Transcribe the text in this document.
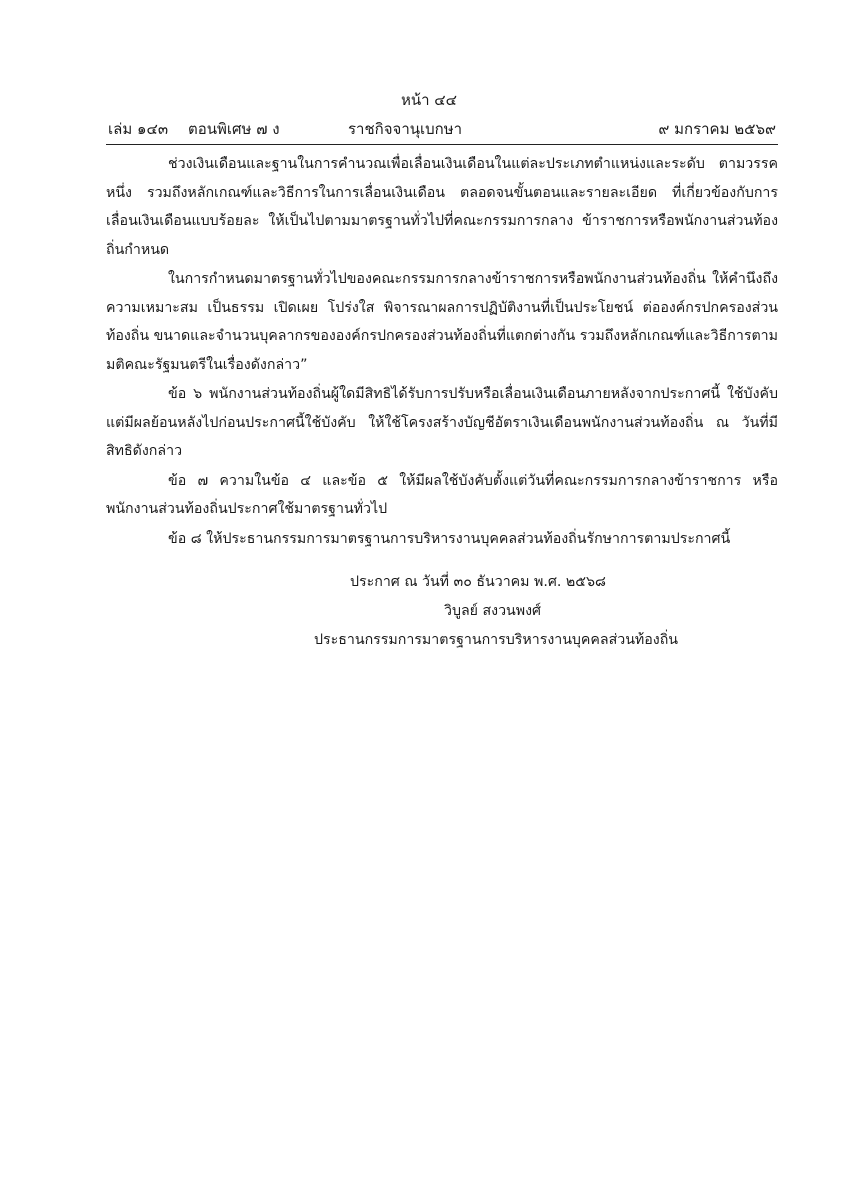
หน้า ๔๔
เล่ม ๑๔๓ ตอนพิเศษ ๗ ง	ราชกิจจานุเบกษา	๙ มกราคม ๒๕๖๙

ช่วงเงินเดือนและฐานในการคำนวณเพื่อเลื่อนเงินเดือนในแต่ละประเภทตำแหน่งและระดับ ตามวรรคหนึ่ง รวมถึงหลักเกณฑ์และวิธีการในการเลื่อนเงินเดือน ตลอดจนขั้นตอนและรายละเอียด ที่เกี่ยวข้องกับการเลื่อนเงินเดือนแบบร้อยละ ให้เป็นไปตามมาตรฐานทั่วไปที่คณะกรรมการกลาง ข้าราชการหรือพนักงานส่วนท้องถิ่นกำหนด

ในการกำหนดมาตรฐานทั่วไปของคณะกรรมการกลางข้าราชการหรือพนักงานส่วนท้องถิ่น ให้คำนึงถึงความเหมาะสม เป็นธรรม เปิดเผย โปร่งใส พิจารณาผลการปฏิบัติงานที่เป็นประโยชน์ ต่อองค์กรปกครองส่วนท้องถิ่น ขนาดและจำนวนบุคลากรขององค์กรปกครองส่วนท้องถิ่นที่แตกต่างกัน รวมถึงหลักเกณฑ์และวิธีการตามมติคณะรัฐมนตรีในเรื่องดังกล่าว”

ข้อ ๖ พนักงานส่วนท้องถิ่นผู้ใดมีสิทธิได้รับการปรับหรือเลื่อนเงินเดือนภายหลังจากประกาศนี้ ใช้บังคับ แต่มีผลย้อนหลังไปก่อนประกาศนี้ใช้บังคับ ให้ใช้โครงสร้างบัญชีอัตราเงินเดือนพนักงานส่วนท้องถิ่น ณ วันที่มีสิทธิดังกล่าว

ข้อ ๗ ความในข้อ ๔ และข้อ ๕ ให้มีผลใช้บังคับตั้งแต่วันที่คณะกรรมการกลางข้าราชการ หรือพนักงานส่วนท้องถิ่นประกาศใช้มาตรฐานทั่วไป

ข้อ ๘ ให้ประธานกรรมการมาตรฐานการบริหารงานบุคคลส่วนท้องถิ่นรักษาการตามประกาศนี้

ประกาศ ณ วันที่ ๓๐ ธันวาคม พ.ศ. ๒๕๖๘
วิบูลย์ สงวนพงศ์
ประธานกรรมการมาตรฐานการบริหารงานบุคคลส่วนท้องถิ่น
